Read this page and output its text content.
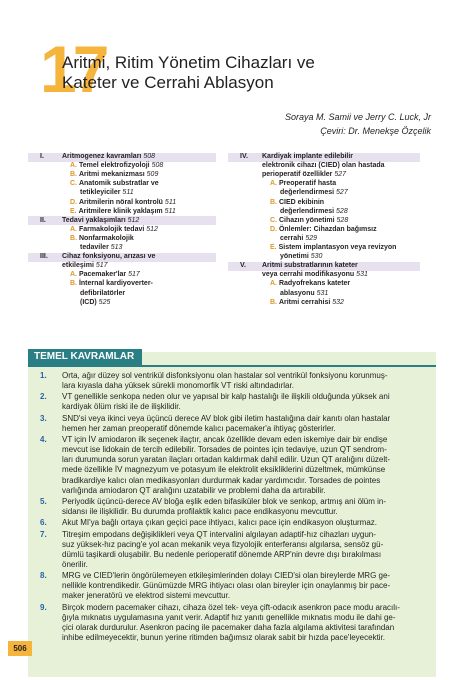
17
Aritmi, Ritim Yönetim Cihazları ve
Kateter ve Cerrahi Ablasyon
Soraya M. Samii ve Jerry C. Luck, Jr
Çeviri: Dr. Menekşe Özçelik
I.	Aritmogenez kavramları 508
A. Temel elektrofizyoloji 508
B. Aritmi mekanizması 509
C. Anatomik substratlar ve
tetikleyiciler 511
D. Aritmilerin nöral kontrolü 511
E. Aritmilere klinik yaklaşım 511
II. Tedavi yaklaşımları 512
A. Farmakolojik tedavi 512
B. Nonfarmakolojik
tedaviler 513
III. Cihaz fonksiyonu, arızası ve
etkileşimi 517
A. Pacemaker'lar 517
B. İnternal kardiyoverter-
defibrilatörler
(ICD) 525
IV. Kardiyak implante edilebilir
elektronik cihazı (CIED) olan hastada
perioperatif özellikler 527
A. Preoperatif hasta
değerlendirmesi 527
B. CIED ekibinin
değerlendirmesi 528
C. Cihazın yönetimi 528
D. Önlemler: Cihazdan bağımsız
cerrahi 529
E. Sistem implantasyon veya revizyon
yönetimi 530
V. Aritmi substratlarının kateter
veya cerrahi modifikasyonu 531
A. Radyofrekans kateter
ablasyonu 531
B. Aritmi cerrahisi 532
TEMEL KAVRAMLAR
1. Orta, ağır düzey sol ventrikül disfonksiyonu olan hastalar sol ventrikül fonksiyonu korunmuş-
lara kıyasla daha yüksek sürekli monomorfik VT riski altındadırlar.
2. VT genellikle senkopa neden olur ve yapısal bir kalp hastalığı ile ilişkili olduğunda yüksek ani
kardiyak ölüm riski ile de ilişkilidir.
3. SND'si veya ikinci veya üçüncü derece AV blok gibi iletim hastalığına dair kanıtı olan hastalar
hemen her zaman preoperatif dönemde kalıcı pacemaker'a ihtiyaç gösterirler.
4. VT için İV amiodaron ilk seçenek ilaçtır, ancak özellikle devam eden iskemiye dair bir endişe
mevcut ise lidokain de tercih edilebilir. Torsades de pointes için tedaviye, uzun QT sendrom-
ları durumunda sorun yaratan ilaçları ortadan kaldırmak dahil edilir. Uzun QT aralığını düzelt-
mede özellikle İV magnezyum ve potasyum ile elektrolit eksikliklerini düzeltmek, mümkünse
bradikardiye kalıcı olan medikasyonları durdurmak kadar yardımcıdır. Torsades de pointes
varlığında amiodaron QT aralığını uzatabilir ve problemi daha da artırabilir.
5. Periyodik üçüncü-derece AV bloğa eşlik eden bifasiküler blok ve senkop, artmış ani ölüm in-
sidansı ile ilişkilidir. Bu durumda profilaktik kalıcı pace endikasyonu mevcuttur.
6. Akut MI'ya bağlı ortaya çıkan geçici pace ihtiyacı, kalıcı pace için endikasyon oluşturmaz.
7. Titreşim empodans değişiklikleri veya QT intervalini algılayan adaptif-hız cihazları uygun-
suz yüksek-hız pacing'e yol acan mekanik veya fizyolojik enterferansı algılarsa, sensöz gü-
dümlü taşikardi oluşabilir. Bu nedenle perioperatif dönemde ARP'nin devre dışı bırakılması
önerilir.
8. MRG ve CIED'lerin öngörülemeyen etkileşimlerinden dolayı CIED'si olan bireylerde MRG ge-
nellikle kontrendikedir. Günümüzde MRG ihtiyacı olası olan bireyler için onaylanmış bir pace-
maker jeneratörü ve elektrod sistemi mevcuttur.
9. Birçok modern pacemaker cihazı, cihaza özel tek- veya çift-odacık asenkron pace modu aracılı-
ğıyla mıknatıs uygulamasına yanıt verir. Adaptif hız yanıtı genellikle mıknatıs modu ile dahi ge-
çici olarak durdurulur. Asenkron pacing ile pacemaker daha fazla algılama aktivitesi tarafından
inhibe edilmeyecektir, bunun yerine ritimden bağımsız olarak sabit bir hızda pace'leyecektir.
506
